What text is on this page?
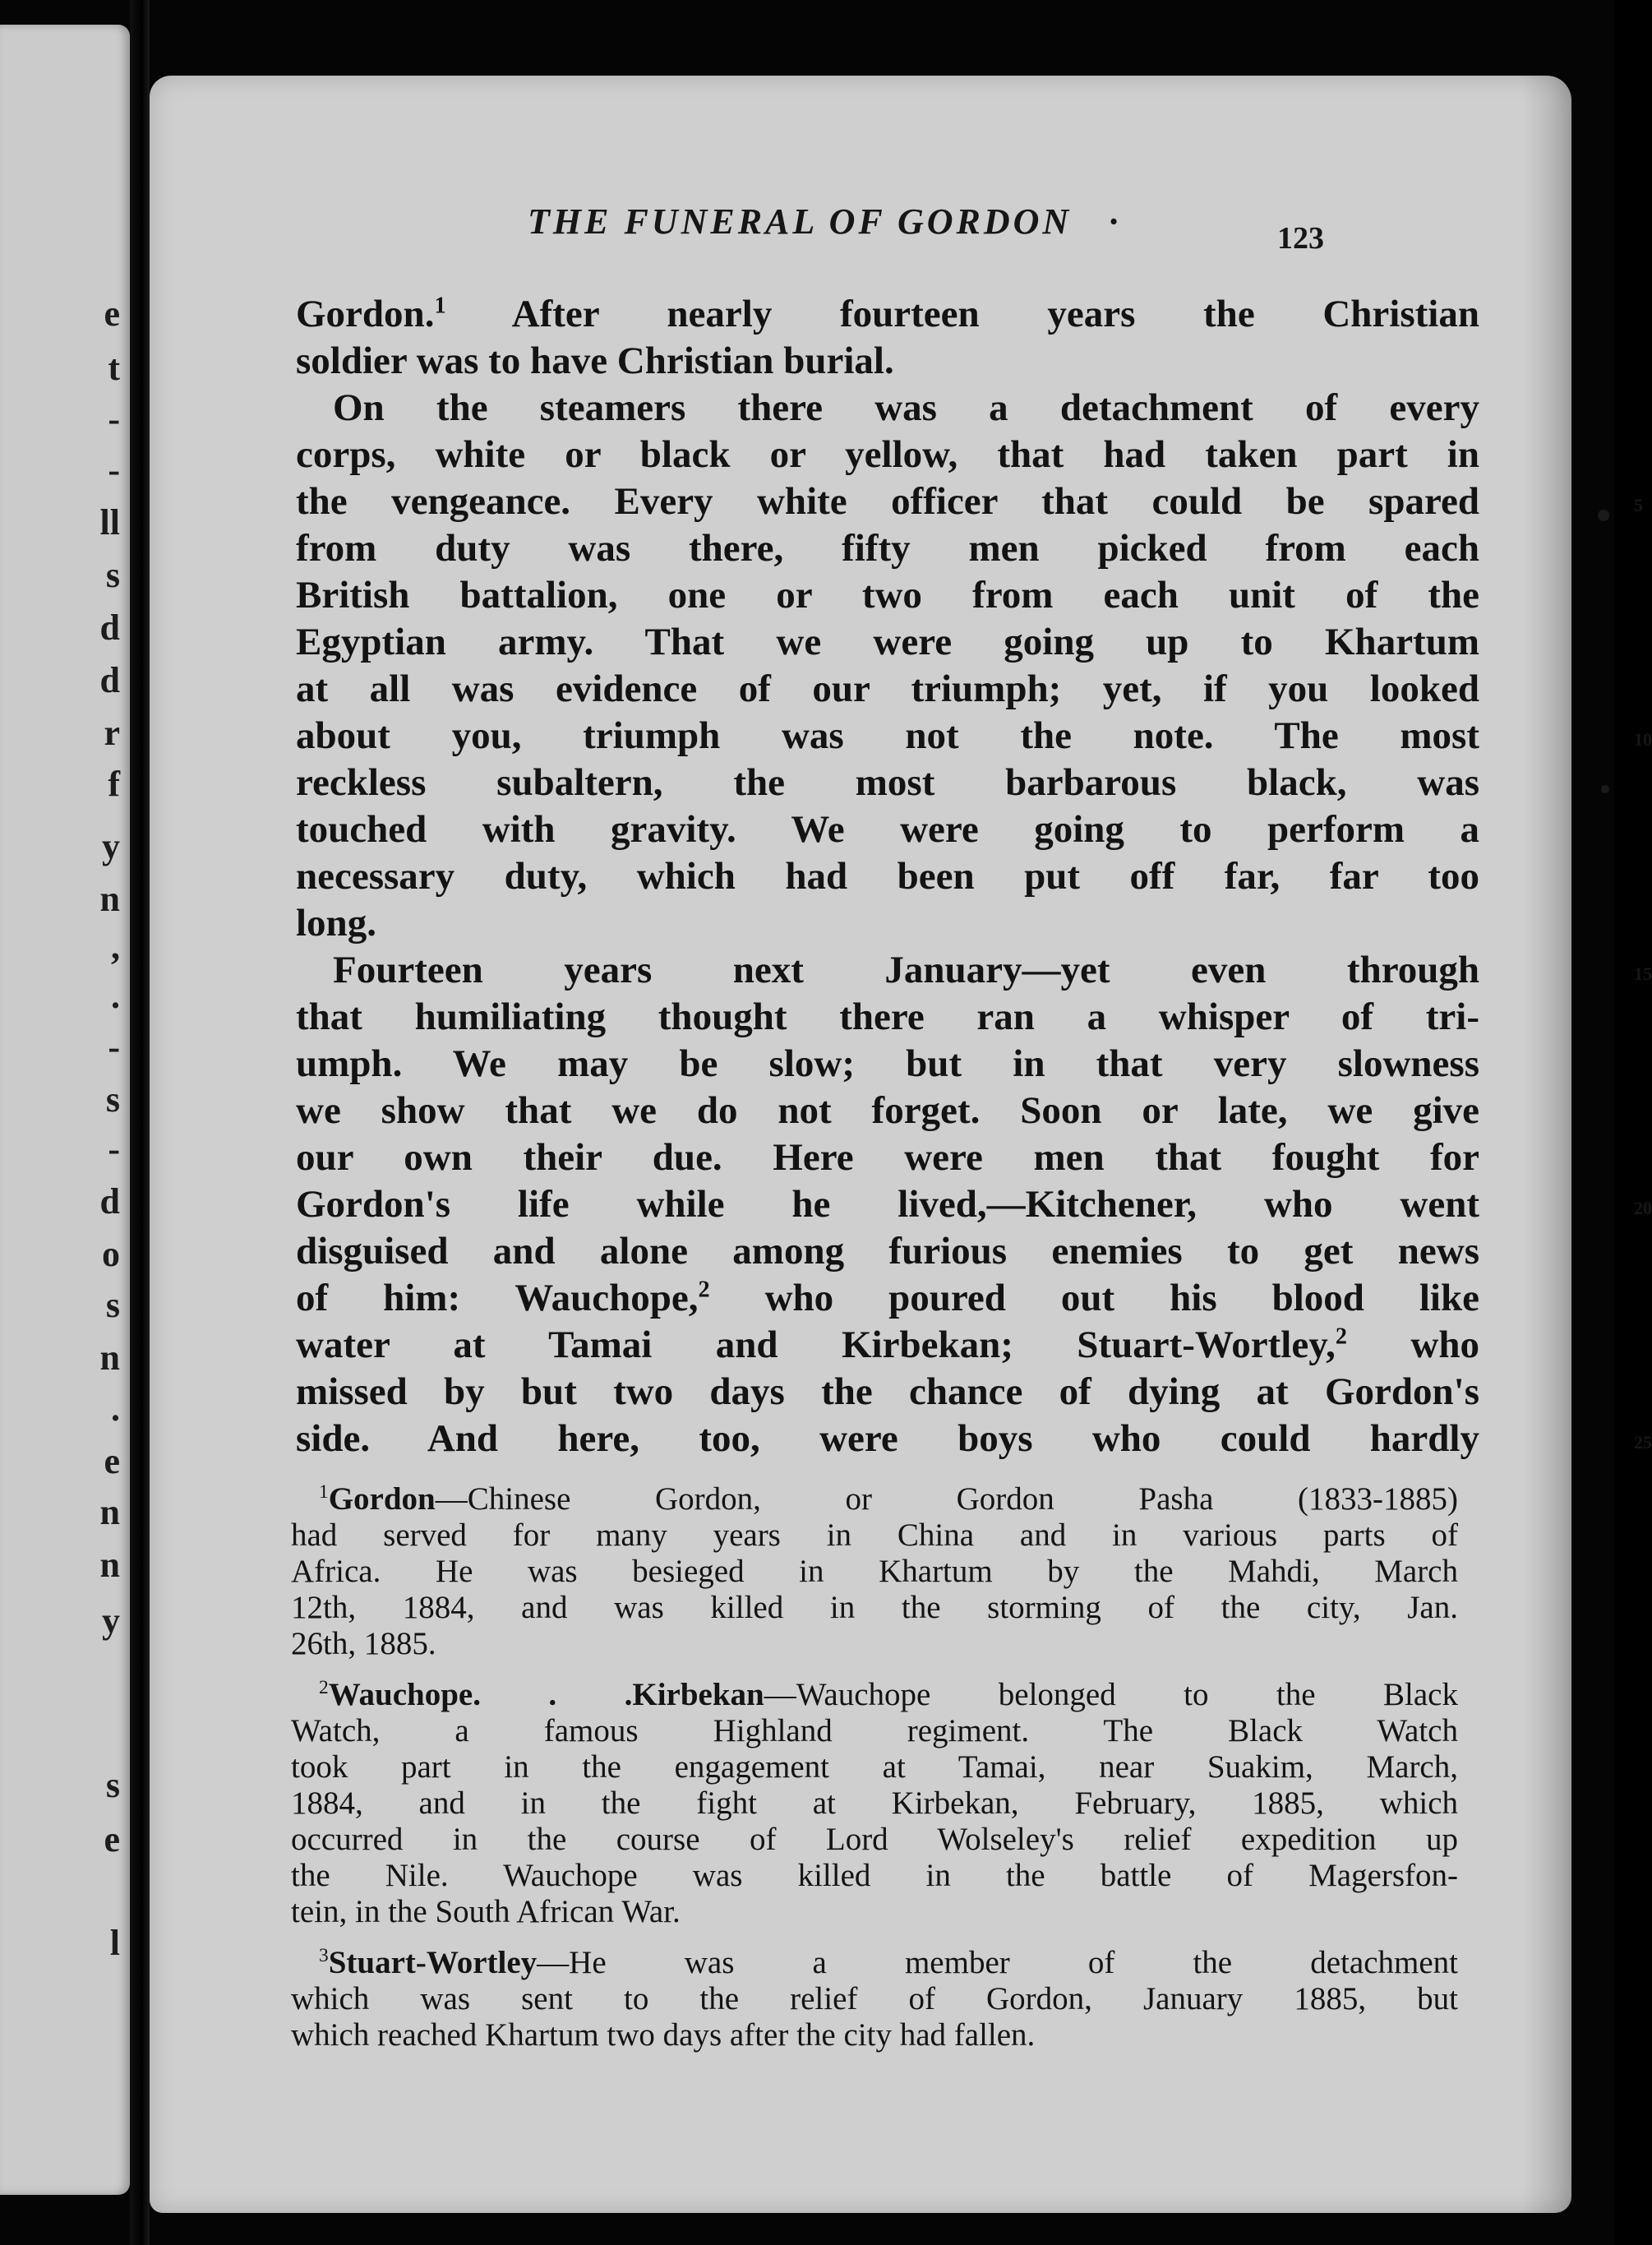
e
t
-
-
ll
s
d
d
r
f
y
n
,
.
-
s
-
d
o
s
n
.
e
n
n
y
s
e
l
THE FUNERAL OF GORDON ·	123
Gordon.$^1$ After nearly fourteen years the Christian
soldier was to have Christian burial.
On the steamers there was a detachment of every
corps, white or black or yellow, that had taken part in
the vengeance. Every white officer that could be spared	5
from duty was there, fifty men picked from each
British battalion, one or two from each unit of the
Egyptian army. That we were going up to Khartum
at all was evidence of our triumph; yet, if you looked
about you, triumph was not the note. The most	10
reckless subaltern, the most barbarous black, was
touched with gravity. We were going to perform a
necessary duty, which had been put off far, far too
long.
Fourteen years next January—yet even through	15
that humiliating thought there ran a whisper of tri-
umph. We may be slow; but in that very slowness
we show that we do not forget. Soon or late, we give
our own their due. Here were men that fought for
Gordon's life while he lived,—Kitchener, who went	20
disguised and alone among furious enemies to get news
of him: Wauchope,$^2$ who poured out his blood like
water at Tamai and Kirbekan; Stuart-Wortley,$^2$ who
missed by but two days the chance of dying at Gordon's
side. And here, too, were boys who could hardly	25
$^1$Gordon—Chinese Gordon, or Gordon Pasha (1833-1885)
had served for many years in China and in various parts of
Africa. He was besieged in Khartum by the Mahdi, March
12th, 1884, and was killed in the storming of the city, Jan.
26th, 1885.
$^2$Wauchope. . .Kirbekan—Wauchope belonged to the Black
Watch, a famous Highland regiment. The Black Watch
took part in the engagement at Tamai, near Suakim, March,
1884, and in the fight at Kirbekan, February, 1885, which
occurred in the course of Lord Wolseley's relief expedition up
the Nile. Wauchope was killed in the battle of Magersfon-
tein, in the South African War.
$^3$Stuart-Wortley—He was a member of the detachment
which was sent to the relief of Gordon, January 1885, but
which reached Khartum two days after the city had fallen.
